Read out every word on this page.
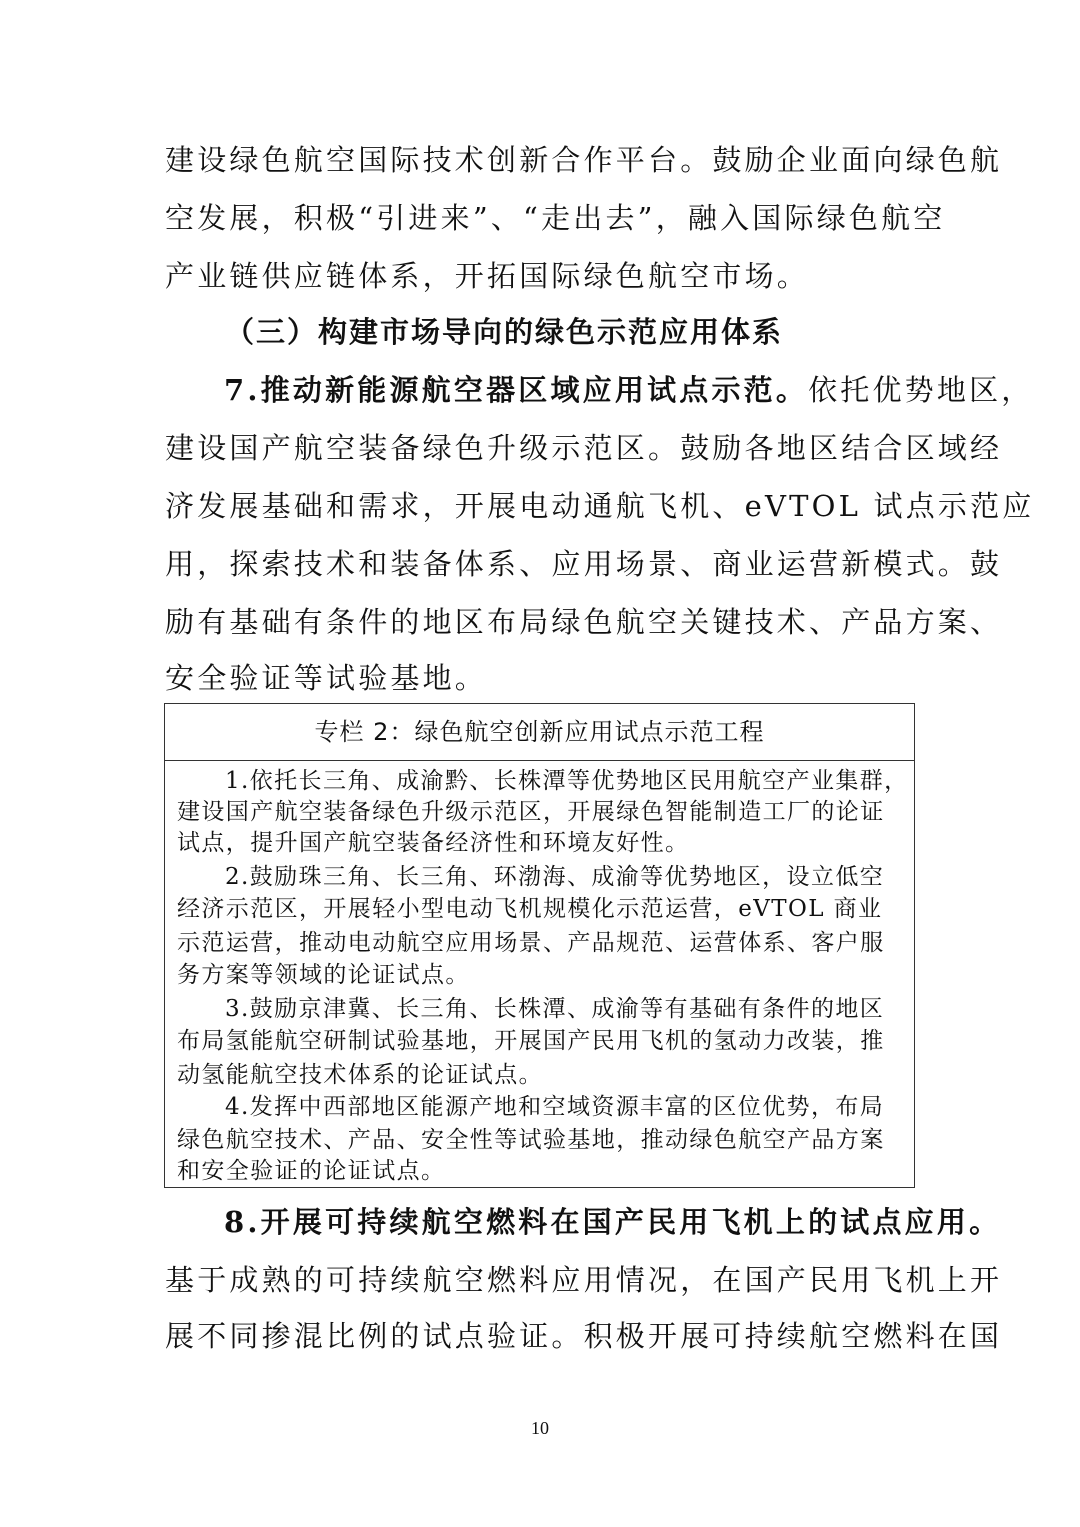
建设绿色航空国际技术创新合作平台。鼓励企业面向绿色航
空发展，积极“引进来”、“走出去”，融入国际绿色航空
产业链供应链体系，开拓国际绿色航空市场。
（三）构建市场导向的绿色示范应用体系
7.推动新能源航空器区域应用试点示范。依托优势地区，
建设国产航空装备绿色升级示范区。鼓励各地区结合区域经
济发展基础和需求，开展电动通航飞机、eVTOL 试点示范应
用，探索技术和装备体系、应用场景、商业运营新模式。鼓
励有基础有条件的地区布局绿色航空关键技术、产品方案、
安全验证等试验基地。
专栏 2：绿色航空创新应用试点示范工程
1.依托长三角、成渝黔、长株潭等优势地区民用航空产业集群，
建设国产航空装备绿色升级示范区，开展绿色智能制造工厂的论证
试点，提升国产航空装备经济性和环境友好性。
2.鼓励珠三角、长三角、环渤海、成渝等优势地区，设立低空
经济示范区，开展轻小型电动飞机规模化示范运营，eVTOL 商业
示范运营，推动电动航空应用场景、产品规范、运营体系、客户服
务方案等领域的论证试点。
3.鼓励京津冀、长三角、长株潭、成渝等有基础有条件的地区
布局氢能航空研制试验基地，开展国产民用飞机的氢动力改装，推
动氢能航空技术体系的论证试点。
4.发挥中西部地区能源产地和空域资源丰富的区位优势，布局
绿色航空技术、产品、安全性等试验基地，推动绿色航空产品方案
和安全验证的论证试点。
8.开展可持续航空燃料在国产民用飞机上的试点应用。
基于成熟的可持续航空燃料应用情况，在国产民用飞机上开
展不同掺混比例的试点验证。积极开展可持续航空燃料在国
10
